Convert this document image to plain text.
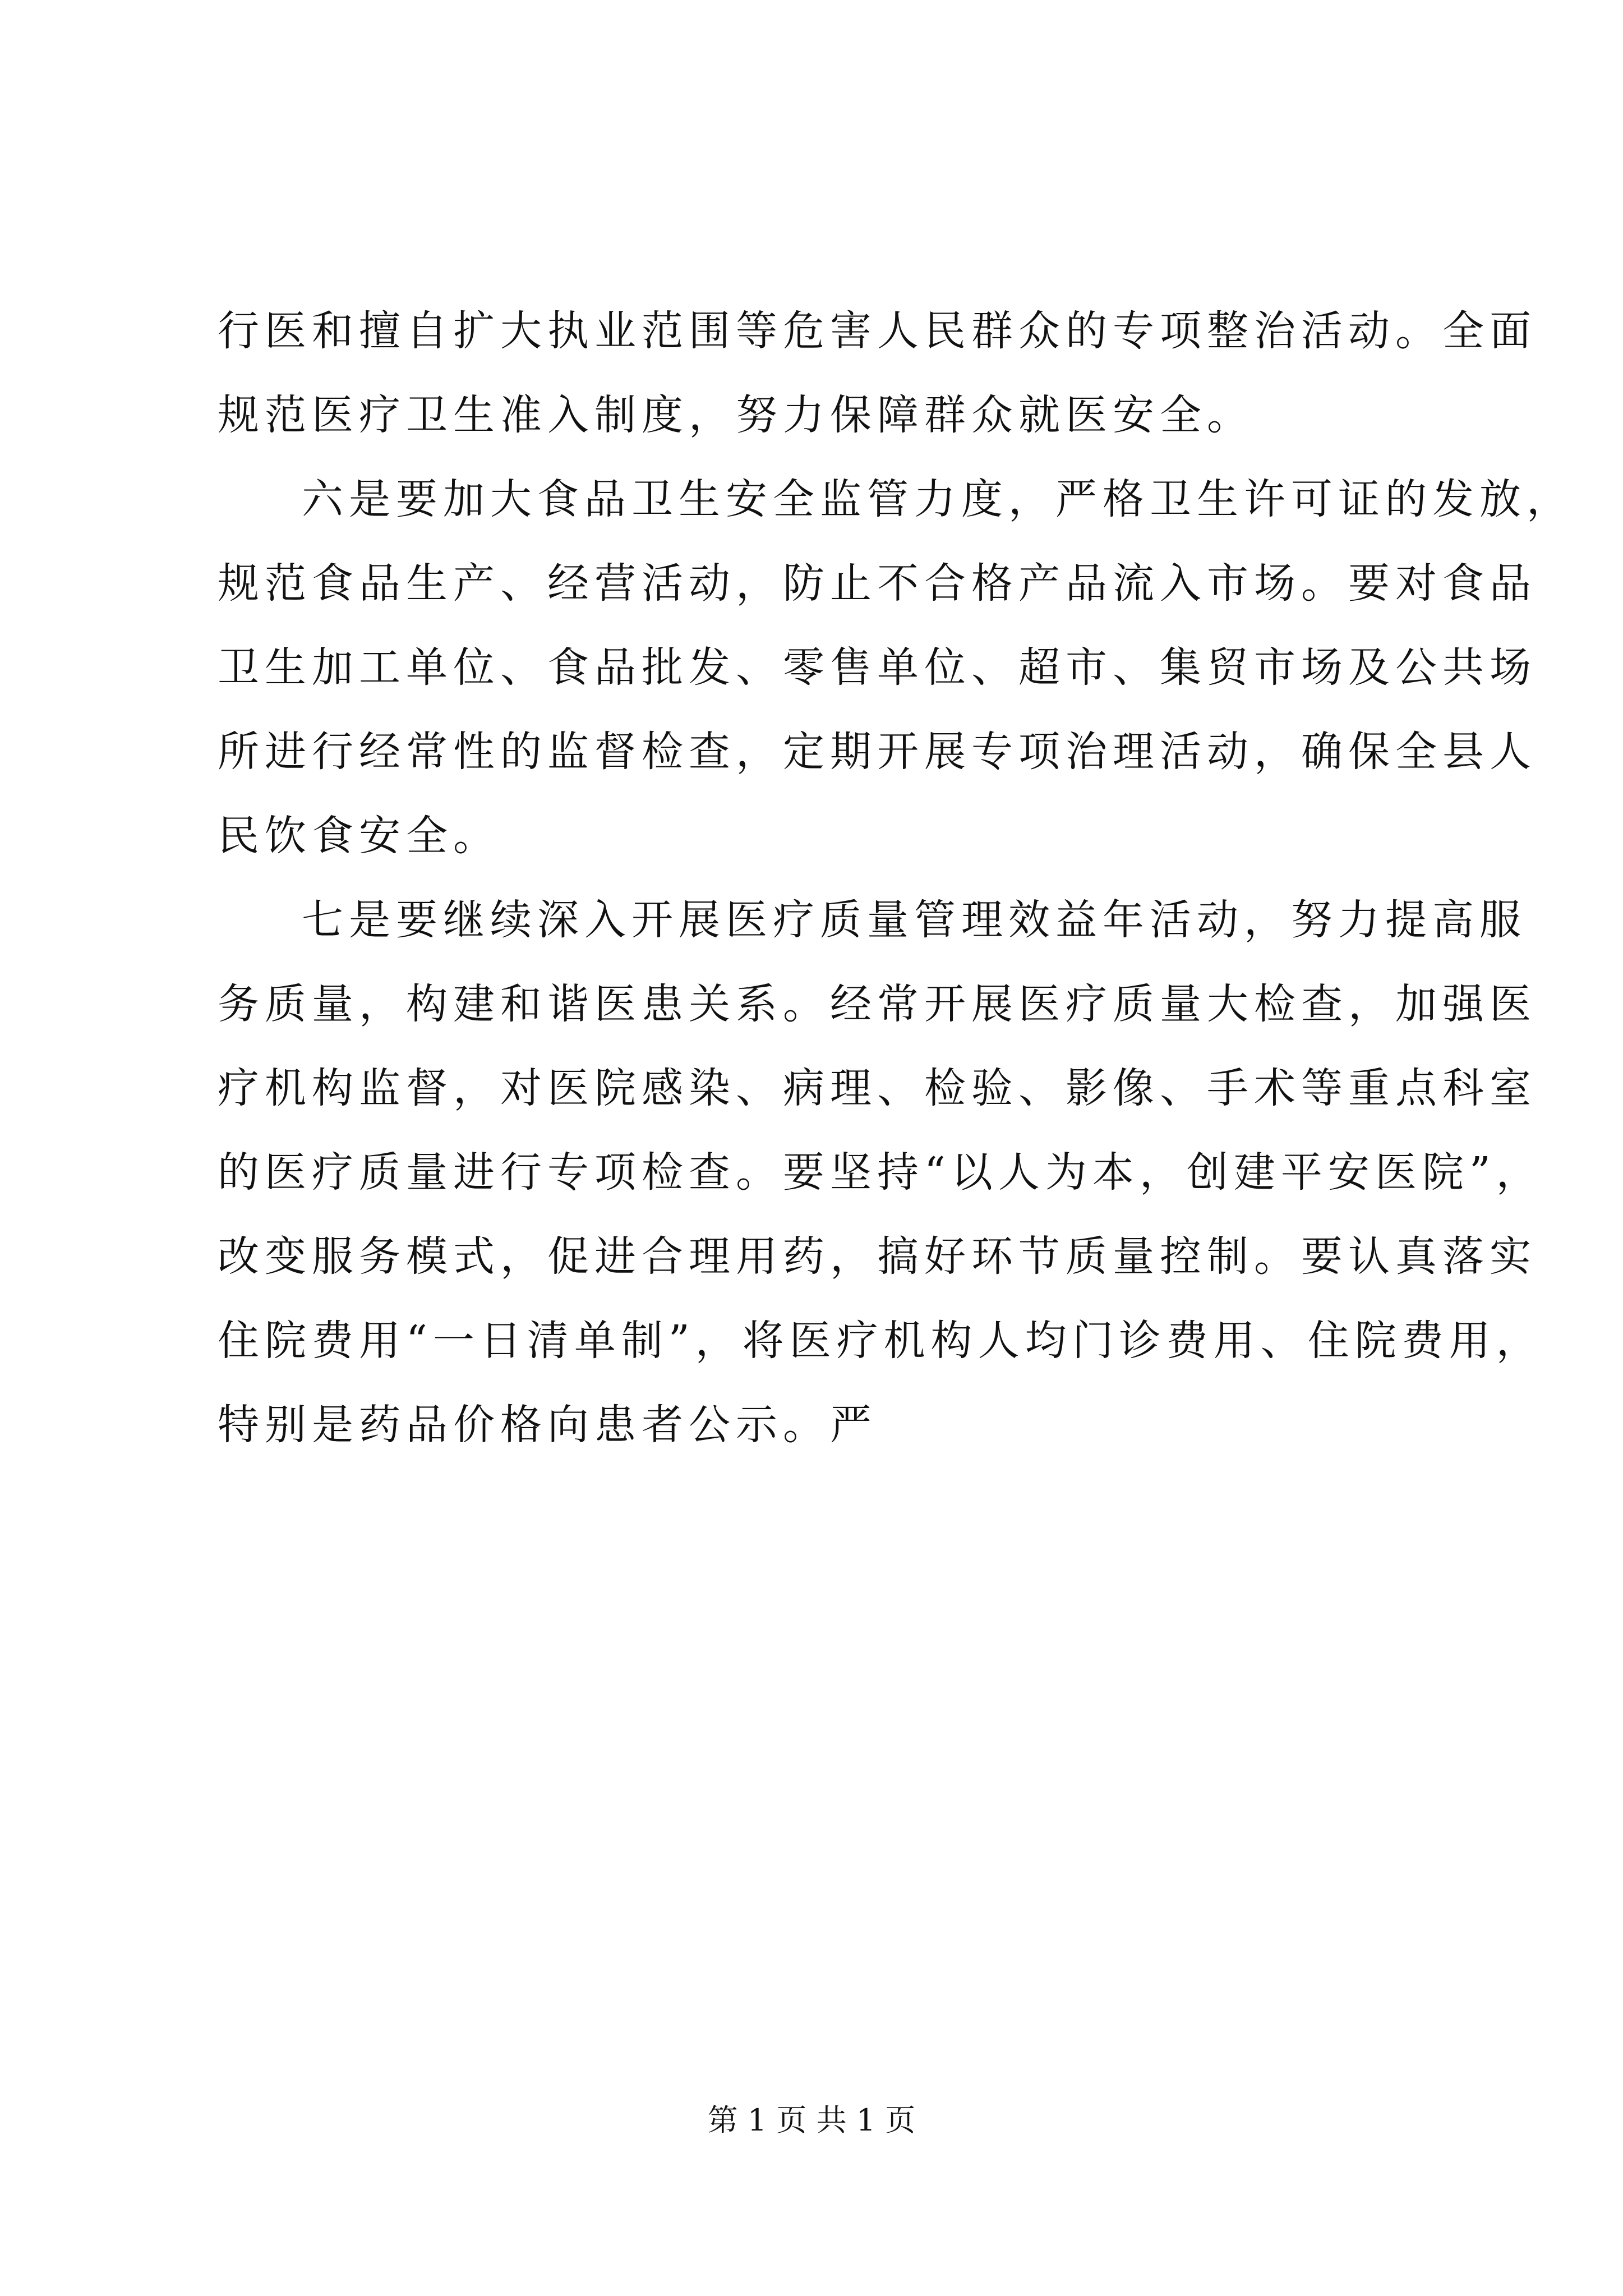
行医和擅自扩大执业范围等危害人民群众的专项整治活动。全面
规范医疗卫生准入制度，努力保障群众就医安全。
六是要加大食品卫生安全监管力度，严格卫生许可证的发放，
规范食品生产、经营活动，防止不合格产品流入市场。要对食品
卫生加工单位、食品批发、零售单位、超市、集贸市场及公共场
所进行经常性的监督检查，定期开展专项治理活动，确保全县人
民饮食安全。
七是要继续深入开展医疗质量管理效益年活动，努力提高服
务质量，构建和谐医患关系。经常开展医疗质量大检查，加强医
疗机构监督，对医院感染、病理、检验、影像、手术等重点科室
的医疗质量进行专项检查。要坚持“以人为本，创建平安医院”，
改变服务模式，促进合理用药，搞好环节质量控制。要认真落实
住院费用“一日清单制”，将医疗机构人均门诊费用、住院费用，
特别是药品价格向患者公示。严
第 1 页 共 1 页
